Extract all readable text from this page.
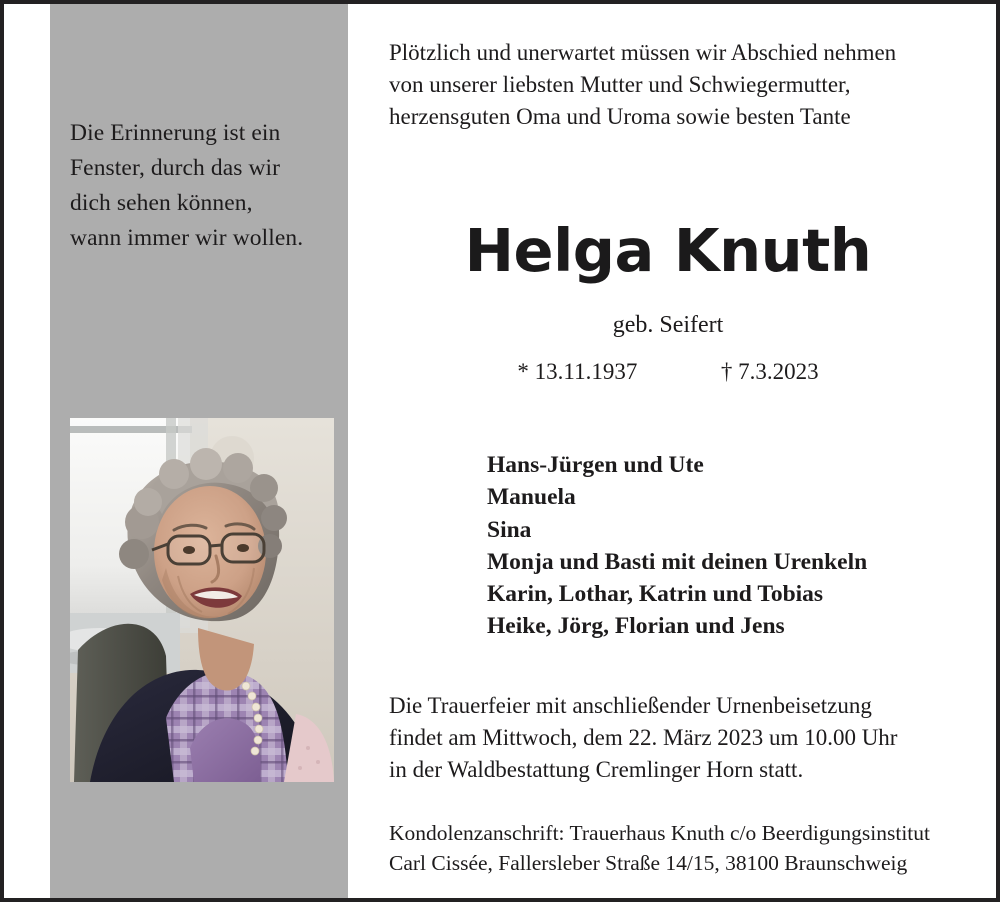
Die Erinnerung ist ein
Fenster, durch das wir
dich sehen können,
wann immer wir wollen.
Plötzlich und unerwartet müssen wir Abschied nehmen
von unserer liebsten Mutter und Schwiegermutter,
herzensguten Oma und Uroma sowie besten Tante
Helga Knuth
geb. Seifert
* 13.11.1937	† 7.3.2023
Hans-Jürgen und Ute
Manuela
Sina
Monja und Basti mit deinen Urenkeln
Karin, Lothar, Katrin und Tobias
Heike, Jörg, Florian und Jens
Die Trauerfeier mit anschließender Urnenbeisetzung
findet am Mittwoch, dem 22. März 2023 um 10.00 Uhr
in der Waldbestattung Cremlinger Horn statt.
Kondolenzanschrift: Trauerhaus Knuth c/o Beerdigungsinstitut
Carl Cissée, Fallersleber Straße 14/15, 38100 Braunschweig
